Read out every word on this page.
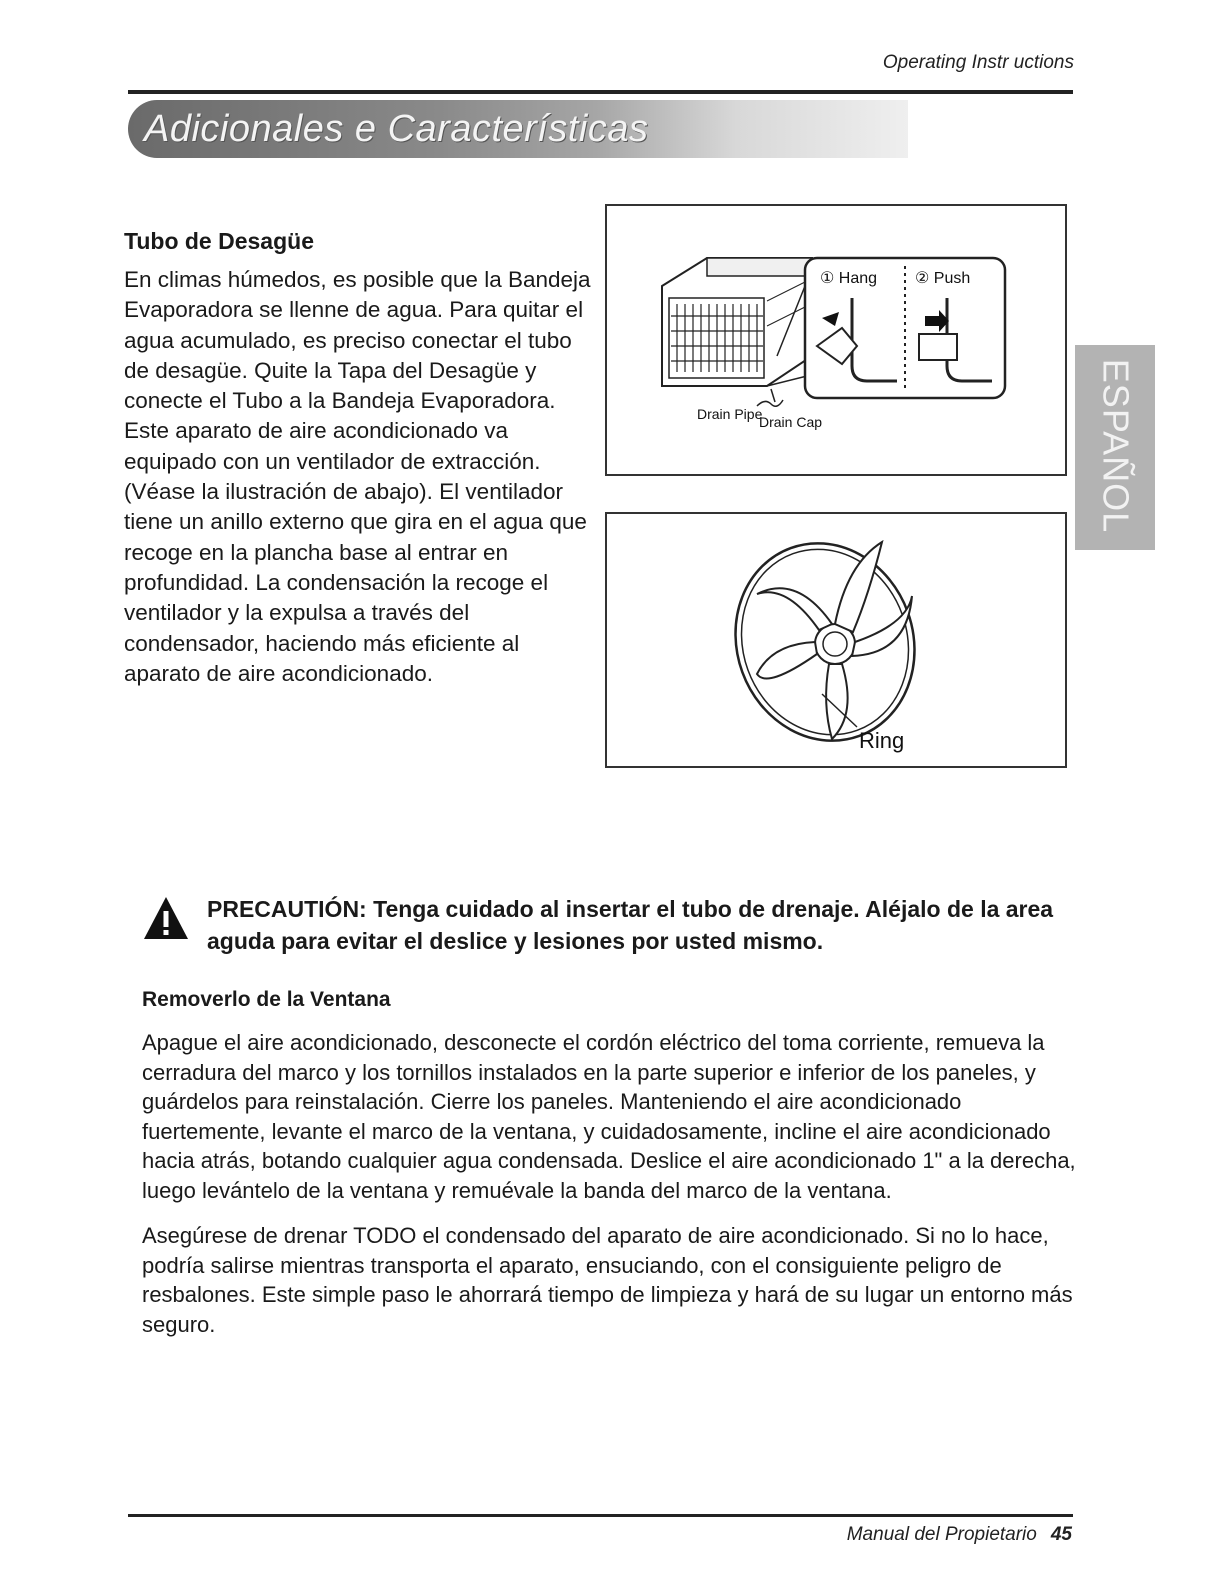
Operating Instr uctions
Adicionales e Características
Tubo de Desagüe

En climas húmedos, es posible que la Bandeja Evaporadora se llenne de agua. Para quitar el agua acumulado, es preciso conectar el tubo de desagüe. Quite la Tapa del Desagüe y conecte el Tubo a la Bandeja Evaporadora.

Este aparato de aire acondicionado va equipado con un ventilador de extracción. (Véase la ilustración de abajo). El ventilador tiene un anillo externo que gira en el agua que recoge en la plancha base al entrar en profundidad. La condensación la recoge el ventilador y la expulsa a través del condensador, haciendo más eficiente al aparato de aire acondicionado.

① Hang ② Push
Drain Pipe
Drain Cap
Ring
ESPAÑOL
PRECAUTIÓN: Tenga cuidado al insertar el tubo de drenaje. Aléjalo de la area aguda para evitar el deslice y lesiones por usted mismo.
Removerlo de la Ventana

Apague el aire acondicionado, desconecte el cordón eléctrico del toma corriente, remueva la cerradura del marco y los tornillos instalados en la parte superior e inferior de los paneles, y guárdelos para reinstalación. Cierre los paneles. Manteniendo el aire acondicionado fuertemente, levante el marco de la ventana, y cuidadosamente, incline el aire acondicionado hacia atrás, botando cualquier agua condensada. Deslice el aire acondicionado 1" a la derecha, luego levántelo de la ventana y remuévale la banda del marco de la ventana.

Asegúrese de drenar TODO el condensado del aparato de aire acondicionado. Si no lo hace, podría salirse mientras transporta el aparato, ensuciando, con el consiguiente peligro de resbalones. Este simple paso le ahorrará tiempo de limpieza y hará de su lugar un entorno más seguro.

Manual del Propietario 45
